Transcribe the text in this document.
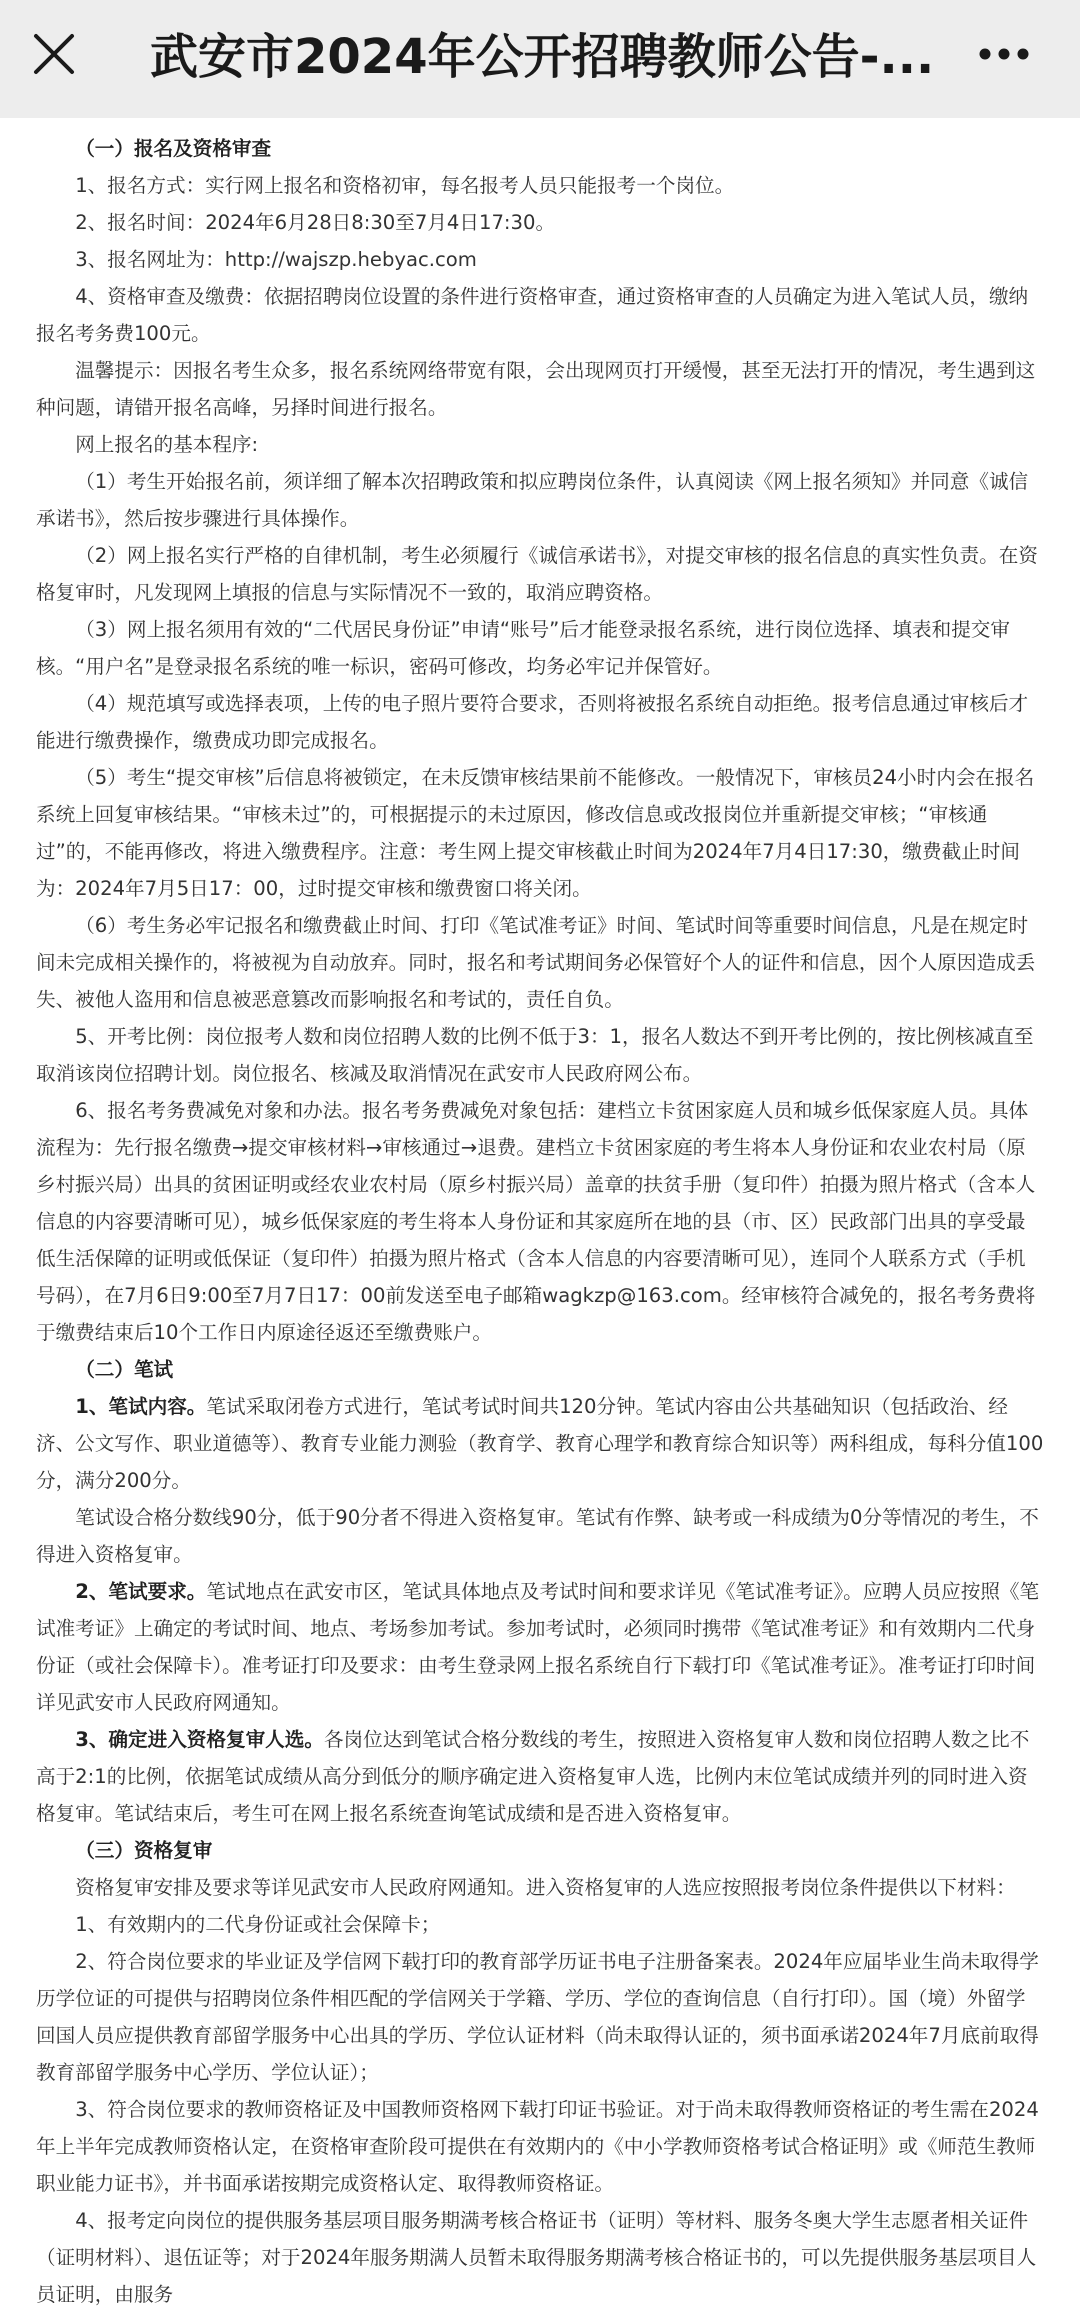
武安市2024年公开招聘教师公告-...

（一）报名及资格审查

1、报名方式：实行网上报名和资格初审，每名报考人员只能报考一个岗位。

2、报名时间：2024年6月28日8:30至7月4日17:30。

3、报名网址为：http://wajszp.hebyac.com

4、资格审查及缴费：依据招聘岗位设置的条件进行资格审查，通过资格审查的人员确定为进入笔试人员，缴纳报名考务费100元。

温馨提示：因报名考生众多，报名系统网络带宽有限，会出现网页打开缓慢，甚至无法打开的情况，考生遇到这种问题，请错开报名高峰，另择时间进行报名。

网上报名的基本程序:

（1）考生开始报名前，须详细了解本次招聘政策和拟应聘岗位条件，认真阅读《网上报名须知》并同意《诚信承诺书》，然后按步骤进行具体操作。

（2）网上报名实行严格的自律机制，考生必须履行《诚信承诺书》，对提交审核的报名信息的真实性负责。在资格复审时，凡发现网上填报的信息与实际情况不一致的，取消应聘资格。

（3）网上报名须用有效的“二代居民身份证”申请“账号”后才能登录报名系统，进行岗位选择、填表和提交审核。“用户名”是登录报名系统的唯一标识，密码可修改，均务必牢记并保管好。

（4）规范填写或选择表项，上传的电子照片要符合要求，否则将被报名系统自动拒绝。报考信息通过审核后才能进行缴费操作，缴费成功即完成报名。

（5）考生“提交审核”后信息将被锁定，在未反馈审核结果前不能修改。一般情况下，审核员24小时内会在报名系统上回复审核结果。“审核未过”的，可根据提示的未过原因，修改信息或改报岗位并重新提交审核；“审核通过”的，不能再修改，将进入缴费程序。注意：考生网上提交审核截止时间为2024年7月4日17:30，缴费截止时间为：2024年7月5日17：00，过时提交审核和缴费窗口将关闭。

（6）考生务必牢记报名和缴费截止时间、打印《笔试准考证》时间、笔试时间等重要时间信息，凡是在规定时间未完成相关操作的，将被视为自动放弃。同时，报名和考试期间务必保管好个人的证件和信息，因个人原因造成丢失、被他人盗用和信息被恶意篡改而影响报名和考试的，责任自负。

5、开考比例：岗位报考人数和岗位招聘人数的比例不低于3：1，报名人数达不到开考比例的，按比例核减直至取消该岗位招聘计划。岗位报名、核减及取消情况在武安市人民政府网公布。

6、报名考务费减免对象和办法。报名考务费减免对象包括：建档立卡贫困家庭人员和城乡低保家庭人员。具体流程为：先行报名缴费→提交审核材料→审核通过→退费。建档立卡贫困家庭的考生将本人身份证和农业农村局（原乡村振兴局）出具的贫困证明或经农业农村局（原乡村振兴局）盖章的扶贫手册（复印件）拍摄为照片格式（含本人信息的内容要清晰可见），城乡低保家庭的考生将本人身份证和其家庭所在地的县（市、区）民政部门出具的享受最低生活保障的证明或低保证（复印件）拍摄为照片格式（含本人信息的内容要清晰可见），连同个人联系方式（手机号码），在7月6日9:00至7月7日17：00前发送至电子邮箱wagkzp@163.com。经审核符合减免的，报名考务费将于缴费结束后10个工作日内原途径返还至缴费账户。

（二）笔试

1、笔试内容。笔试采取闭卷方式进行，笔试考试时间共120分钟。笔试内容由公共基础知识（包括政治、经济、公文写作、职业道德等）、教育专业能力测验（教育学、教育心理学和教育综合知识等）两科组成，每科分值100分，满分200分。

笔试设合格分数线90分，低于90分者不得进入资格复审。笔试有作弊、缺考或一科成绩为0分等情况的考生，不得进入资格复审。

2、笔试要求。笔试地点在武安市区，笔试具体地点及考试时间和要求详见《笔试准考证》。应聘人员应按照《笔试准考证》上确定的考试时间、地点、考场参加考试。参加考试时，必须同时携带《笔试准考证》和有效期内二代身份证（或社会保障卡）。准考证打印及要求：由考生登录网上报名系统自行下载打印《笔试准考证》。准考证打印时间详见武安市人民政府网通知。

3、确定进入资格复审人选。各岗位达到笔试合格分数线的考生，按照进入资格复审人数和岗位招聘人数之比不高于2:1的比例，依据笔试成绩从高分到低分的顺序确定进入资格复审人选，比例内末位笔试成绩并列的同时进入资格复审。笔试结束后，考生可在网上报名系统查询笔试成绩和是否进入资格复审。

（三）资格复审

资格复审安排及要求等详见武安市人民政府网通知。进入资格复审的人选应按照报考岗位条件提供以下材料：

1、有效期内的二代身份证或社会保障卡；

2、符合岗位要求的毕业证及学信网下载打印的教育部学历证书电子注册备案表。2024年应届毕业生尚未取得学历学位证的可提供与招聘岗位条件相匹配的学信网关于学籍、学历、学位的查询信息（自行打印）。国（境）外留学回国人员应提供教育部留学服务中心出具的学历、学位认证材料（尚未取得认证的，须书面承诺2024年7月底前取得教育部留学服务中心学历、学位认证）；

3、符合岗位要求的教师资格证及中国教师资格网下载打印证书验证。对于尚未取得教师资格证的考生需在2024年上半年完成教师资格认定，在资格审查阶段可提供在有效期内的《中小学教师资格考试合格证明》或《师范生教师职业能力证书》，并书面承诺按期完成资格认定、取得教师资格证。

4、报考定向岗位的提供服务基层项目服务期满考核合格证书（证明）等材料、服务冬奥大学生志愿者相关证件（证明材料）、退伍证等；对于2024年服务期满人员暂未取得服务期满考核合格证书的，可以先提供服务基层项目人员证明，由服务
